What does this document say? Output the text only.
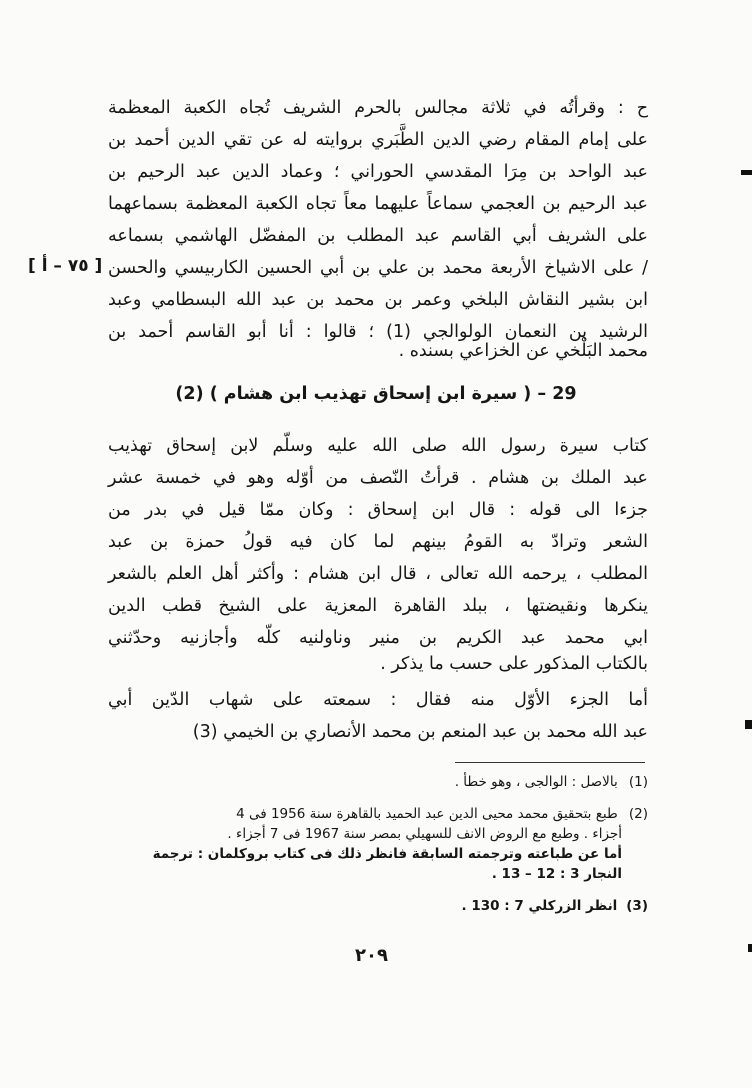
ح : وقرأتُه في ثلاثة مجالس بالحرم الشريف تُجاه الكعبة المعظمة
على إمام المقام رضي الدين الطَّبَري بروايته له عن تقي الدين أحمد بن
عبد الواحد بن مِرَا المقدسي الحوراني ؛ وعماد الدين عبد الرحيم بن
عبد الرحيم بن العجمي سماعاً عليهما معاً تجاه الكعبة المعظمة بسماعهما
على الشريف أبي القاسم عبد المطلب بن المفضّل الهاشمي بسماعه
/ على الاشياخ الأربعة محمد بن علي بن أبي الحسين الكاربيسي والحسن
ابن بشير النقاش البلخي وعمر بن محمد بن عبد الله البسطامي وعبد
الرشيد بن النعمان الولوالجي (1) ؛ قالوا : أنا أبو القاسم أحمد بن
محمد البَلْخي عن الخزاعي بسنده .
[ ٧٥ – أ ]
29 – ( سيرة ابن إسحاق تهذيب ابن هشام ) (2)
كتاب سيرة رسول الله صلى الله عليه وسلّم لابن إسحاق تهذيب
عبد الملك بن هشام . قرأتُ النّصف من أوّله وهو في خمسة عشر
جزءا الى قوله : قال ابن إسحاق : وكان ممّا قيل في بدر من
الشعر وترادّ به القومُ بينهم لما كان فيه قولُ حمزة بن عبد
المطلب ، يرحمه الله تعالى ، قال ابن هشام : وأكثر أهل العلم بالشعر
ينكرها ونقيضتها ، ببلد القاهرة المعزية على الشيخ قطب الدين
ابي محمد عبد الكريم بن منير وناولنيه كلّه وأجازنيه وحدّثني
بالكتاب المذكور على حسب ما يذكر .
أما الجزء الأوّل منه فقال : سمعته على شهاب الدّين أبي
عبد الله محمد بن عبد المنعم بن محمد الأنصاري بن الخيمي (3)
(1) بالاصل : الوالجى ، وهو خطأ .
(2) طبع بتحقيق محمد محيى الدين عبد الحميد بالقاهرة سنة 1956 فى 4
أجزاء . وطبع مع الروض الانف للسهيلي بمصر سنة 1967 فى 7 أجزاء .
أما عن طباعته وترجمته السابقة فانظر ذلك فى كتاب بروكلمان : ترجمة
النجار 3 : 12 – 13 .
(3) انظر الزركلي 7 : 130 .
٢٠٩
